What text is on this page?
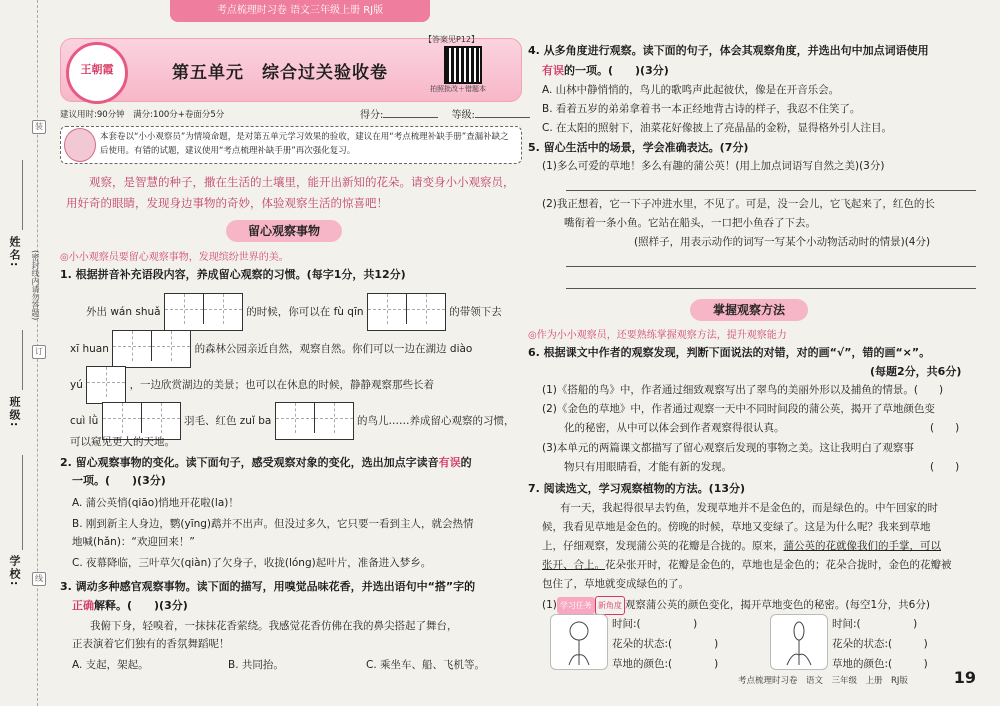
装
订
线
姓名: (密封线内请勿答题)
班级:
学校:
考点梳理时习卷 语文三年级上册 RJ版
王朝霞	第五单元　综合过关验收卷
【答案见P12】
拍照批改＋错题本
建议用时:90分钟　满分:100分+卷面分5分	得分:	等级:
本套卷以“小小观察员”为情境命题，是对第五单元学习效果的验收，建议在用“考点梳理补缺手册”查漏补缺之后使用。有错的试题，建议使用“考点梳理补缺手册”再次强化复习。
观察，是智慧的种子，撒在生活的土壤里，能开出新知的花朵。请变身小小观察员，用好奇的眼睛，发现身边事物的奇妙，体验观察生活的惊喜吧！
留心观察事物
◎小小观察员要留心观察事物，发现缤纷世界的美。
1. 根据拼音补充语段内容，养成留心观察的习惯。(每字1分，共12分)
外出 wán shuǎ	的时候，你可以在 fù qīn	的带领下去
xī huan	的森林公园亲近自然，观察自然。你们可以一边在湖边 diào
yú	，一边欣赏湖边的美景；也可以在休息的时候，静静观察那些长着
cuì lǜ	羽毛、红色 zuǐ ba	的鸟儿……养成留心观察的习惯，
可以窥见更大的天地。
2. 留心观察事物的变化。读下面句子，感受观察对象的变化，选出加点字读音有误的
一项。(　　)(3分)
A. 蒲公英悄(qiāo)悄地开花啦(la)！
B. 刚到新主人身边，鹦(yīng)鹉并不出声。但没过多久，它只要一看到主人，就会热情
地喊(hǎn)：“欢迎回来！”
C. 夜幕降临，三叶草欠(qiàn)了欠身子，收拢(lóng)起叶片，准备进入梦乡。
3. 调动多种感官观察事物。读下面的描写，用嗅觉品味花香，并选出语句中“搭”字的
正确解释。(　　)(3分)
我俯下身，轻嗅着，一抹抹花香萦绕。我感觉花香仿佛在我的鼻尖搭起了舞台，
正表演着它们独有的香氛舞蹈呢！
A. 支起，架起。	B. 共同抬。	C. 乘坐车、船、飞机等。
4. 从多角度进行观察。读下面的句子，体会其观察角度，并选出句中加点词语使用
有误的一项。(　　)(3分)
A. 山林中静悄悄的，鸟儿的歌鸣声此起彼伏，像是在开音乐会。
B. 看着五岁的弟弟拿着书一本正经地背古诗的样子，我忍不住笑了。
C. 在太阳的照射下，油菜花好像披上了亮晶晶的金粉，显得格外引人注目。
5. 留心生活中的场景，学会准确表达。(7分)
(1)多么可爱的草地！多么有趣的蒲公英！(用上加点词语写自然之美)(3分)
(2)我正想着，它一下子冲进水里，不见了。可是，没一会儿，它飞起来了，红色的长
嘴衔着一条小鱼。它站在船头，一口把小鱼吞了下去。
(照样子，用表示动作的词写一写某个小动物活动时的情景)(4分)
掌握观察方法
◎作为小小观察员，还要熟练掌握观察方法，提升观察能力
6. 根据课文中作者的观察发现，判断下面说法的对错，对的画“√”，错的画“×”。
(每题2分，共6分)
(1)《搭船的鸟》中，作者通过细致观察写出了翠鸟的美丽外形以及捕鱼的情景。(　　)
(2)《金色的草地》中，作者通过观察一天中不同时间段的蒲公英，揭开了草地颜色变
化的秘密，从中可以体会到作者观察得很认真。	(　　)
(3)本单元的两篇课文都描写了留心观察后发现的事物之美。这让我明白了观察事
物只有用眼睛看，才能有新的发现。	(　　)
7. 阅读选文，学习观察植物的方法。(13分)
有一天，我起得很早去钓鱼，发现草地并不是金色的，而是绿色的。中午回家的时
候，我看见草地是金色的。傍晚的时候，草地又变绿了。这是为什么呢？我来到草地
上，仔细观察，发现蒲公英的花瓣是合拢的。原来，蒲公英的花就像我们的手掌，可以
张开、合上。花朵张开时，花瓣是金色的，草地也是金色的；花朵合拢时，金色的花瓣被
包住了，草地就变成绿色的了。
(1) 学习任务 新角度 观察蒲公英的颜色变化，揭开草地变色的秘密。(每空1分，共6分)
时间:(　　　　　	)
花朵的状态:(　　　　	)
草地的颜色:(　　　　	)
时间:(　　　　　	)
花朵的状态:(　　　	)
草地的颜色:(　　　	)
考点梳理时习卷　语文　三年级　上册　RJ版	19
